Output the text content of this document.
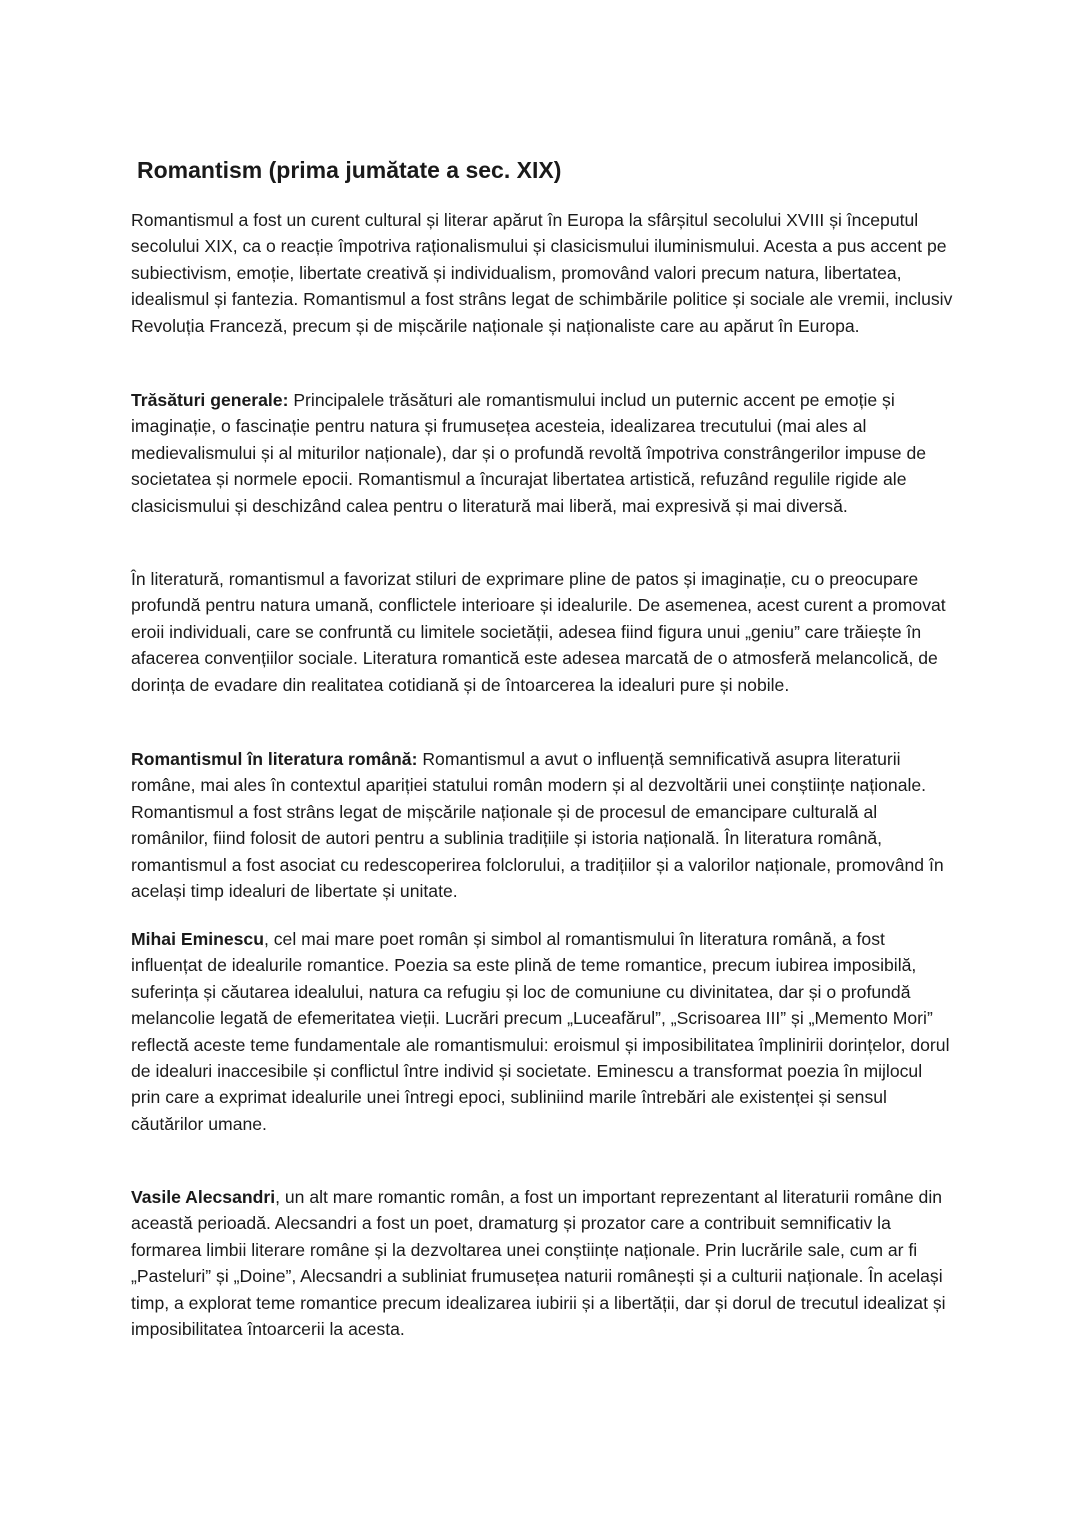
Romantism (prima jumătate a sec. XIX)

Romantismul a fost un curent cultural și literar apărut în Europa la sfârșitul secolului XVIII și începutul secolului XIX, ca o reacție împotriva raționalismului și clasicismului iluminismului. Acesta a pus accent pe subiectivism, emoție, libertate creativă și individualism, promovând valori precum natura, libertatea, idealismul și fantezia. Romantismul a fost strâns legat de schimbările politice și sociale ale vremii, inclusiv Revoluția Franceză, precum și de mișcările naționale și naționaliste care au apărut în Europa.

Trăsături generale: Principalele trăsături ale romantismului includ un puternic accent pe emoție și imaginație, o fascinație pentru natura și frumusețea acesteia, idealizarea trecutului (mai ales al medievalismului și al miturilor naționale), dar și o profundă revoltă împotriva constrângerilor impuse de societatea și normele epocii. Romantismul a încurajat libertatea artistică, refuzând regulile rigide ale clasicismului și deschizând calea pentru o literatură mai liberă, mai expresivă și mai diversă.

În literatură, romantismul a favorizat stiluri de exprimare pline de patos și imaginație, cu o preocupare profundă pentru natura umană, conflictele interioare și idealurile. De asemenea, acest curent a promovat eroii individuali, care se confruntă cu limitele societății, adesea fiind figura unui „geniu” care trăiește în afacerea convențiilor sociale. Literatura romantică este adesea marcată de o atmosferă melancolică, de dorința de evadare din realitatea cotidiană și de întoarcerea la idealuri pure și nobile.

Romantismul în literatura română: Romantismul a avut o influență semnificativă asupra literaturii române, mai ales în contextul apariției statului român modern și al dezvoltării unei conștiințe naționale. Romantismul a fost strâns legat de mișcările naționale și de procesul de emancipare culturală al românilor, fiind folosit de autori pentru a sublinia tradițiile și istoria națională. În literatura română, romantismul a fost asociat cu redescoperirea folclorului, a tradițiilor și a valorilor naționale, promovând în același timp idealuri de libertate și unitate.

Mihai Eminescu, cel mai mare poet român și simbol al romantismului în literatura română, a fost influențat de idealurile romantice. Poezia sa este plină de teme romantice, precum iubirea imposibilă, suferința și căutarea idealului, natura ca refugiu și loc de comuniune cu divinitatea, dar și o profundă melancolie legată de efemeritatea vieții. Lucrări precum „Luceafărul”, „Scrisoarea III” și „Memento Mori” reflectă aceste teme fundamentale ale romantismului: eroismul și imposibilitatea împlinirii dorințelor, dorul de idealuri inaccesibile și conflictul între individ și societate. Eminescu a transformat poezia în mijlocul prin care a exprimat idealurile unei întregi epoci, subliniind marile întrebări ale existenței și sensul căutărilor umane.

Vasile Alecsandri, un alt mare romantic român, a fost un important reprezentant al literaturii române din această perioadă. Alecsandri a fost un poet, dramaturg și prozator care a contribuit semnificativ la formarea limbii literare române și la dezvoltarea unei conștiințe naționale. Prin lucrările sale, cum ar fi „Pasteluri” și „Doine”, Alecsandri a subliniat frumusețea naturii românești și a culturii naționale. În același timp, a explorat teme romantice precum idealizarea iubirii și a libertății, dar și dorul de trecutul idealizat și imposibilitatea întoarcerii la acesta.
